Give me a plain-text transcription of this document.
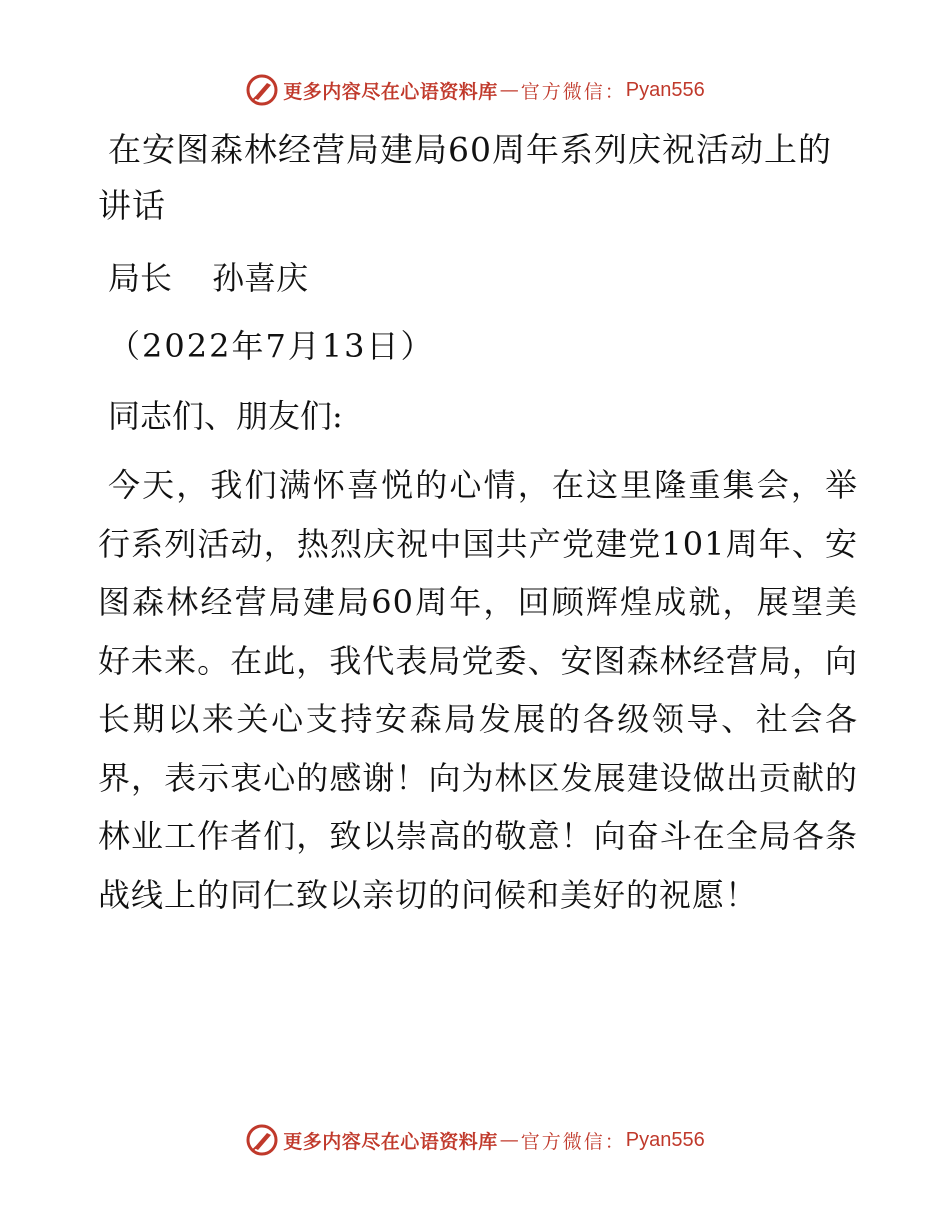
更多内容尽在心语资料库 — 官方微信： Pyan556
在安图森林经营局建局60周年系列庆祝活动上的讲话

局长 孙喜庆

（2022年7月13日）

同志们、朋友们:

今天，我们满怀喜悦的心情，在这里隆重集会，举行系列活动，热烈庆祝中国共产党建党101周年、安图森林经营局建局60周年，回顾辉煌成就，展望美好未来。在此，我代表局党委、安图森林经营局，向长期以来关心支持安森局发展的各级领导、社会各界，表示衷心的感谢！向为林区发展建设做出贡献的林业工作者们，致以崇高的敬意！向奋斗在全局各条战线上的同仁致以亲切的问候和美好的祝愿！

更多内容尽在心语资料库 — 官方微信： Pyan556
